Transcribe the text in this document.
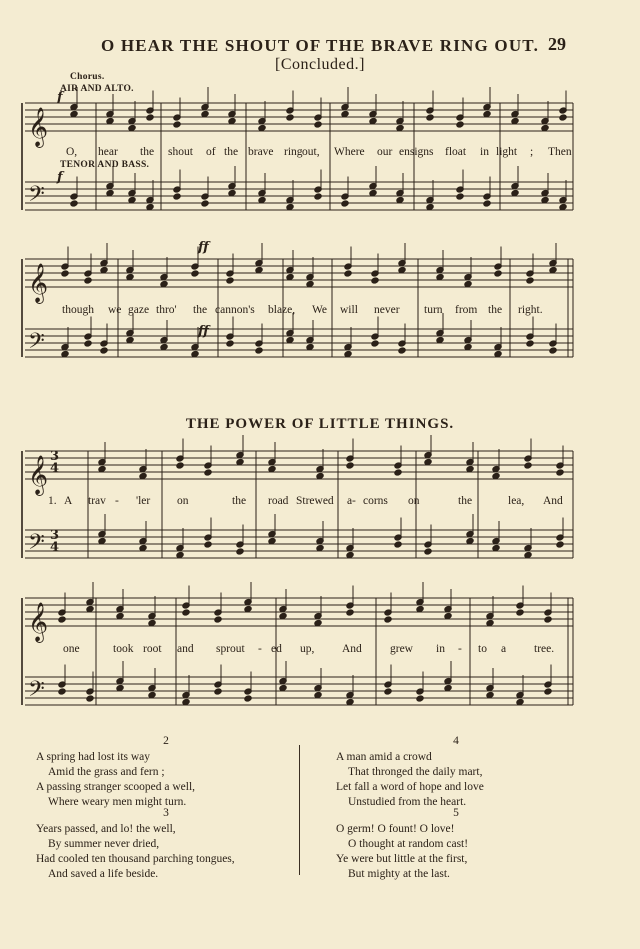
O HEAR THE SHOUT OF THE BRAVE RING OUT. 29
[Concluded.]
Chorus.
AIR AND ALTO.
TENOR AND BASS.
THE POWER OF LITTLE THINGS.
𝄞
𝄢
𝄞
𝄢
𝄞
𝄢
𝄞
𝄢
O, hear the shout of the brave ring out, Where our ensigns float in light ; Then
though we gaze thro' the cannon's blaze, We will never turn from the right.
1. A trav - 'ler on	the road Strewed a - corns on	the	lea, And
one	took root and sprout - ed up, And grew in - to a tree.
f
f
ff
ff
3
4
3
4
2
A spring had lost its way
Amid the grass and fern ;
A passing stranger scooped a well,
Where weary men might turn.
3
Years passed, and lo! the well,
By summer never dried,
Had cooled ten thousand parching tongues,
And saved a life beside.
4
A man amid a crowd
That thronged the daily mart,
Let fall a word of hope and love
Unstudied from the heart.
5
O germ! O fount! O love!
O thought at random cast!
Ye were but little at the first,
But mighty at the last.
